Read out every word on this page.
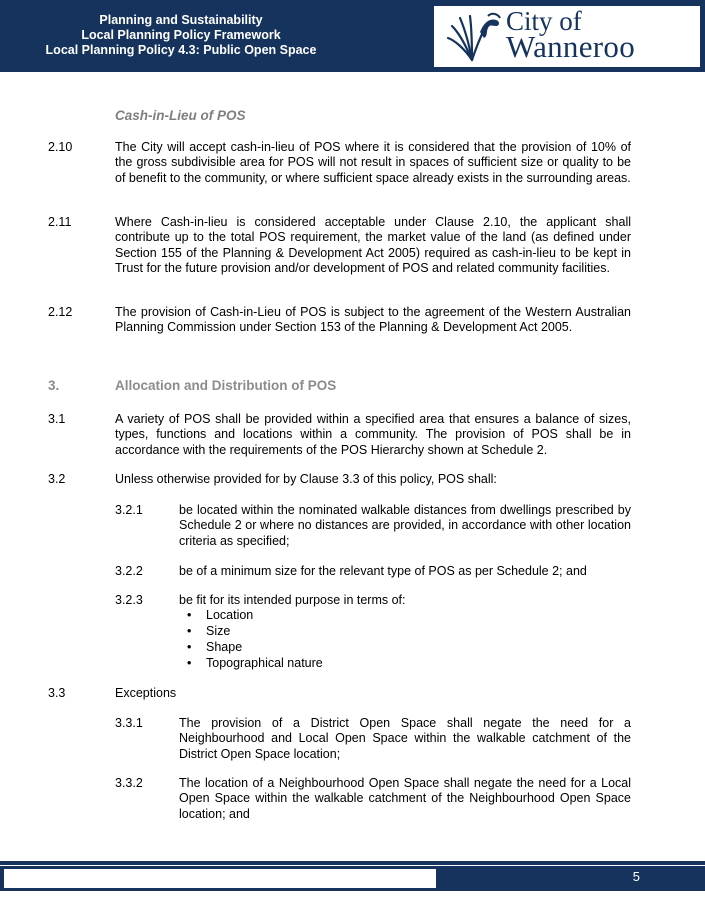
Planning and Sustainability
Local Planning Policy Framework
Local Planning Policy 4.3: Public Open Space
City of
Wanneroo
Cash-in-Lieu of POS
2.10	The City will accept cash-in-lieu of POS where it is considered that the provision of 10% of the gross subdivisible area for POS will not result in spaces of sufficient size or quality to be of benefit to the community, or where sufficient space already exists in the surrounding areas.
2.11	Where Cash-in-lieu is considered acceptable under Clause 2.10, the applicant shall contribute up to the total POS requirement, the market value of the land (as defined under Section 155 of the Planning & Development Act 2005) required as cash-in-lieu to be kept in Trust for the future provision and/or development of POS and related community facilities.
2.12	The provision of Cash-in-Lieu of POS is subject to the agreement of the Western Australian Planning Commission under Section 153 of the Planning & Development Act 2005.
3.	Allocation and Distribution of POS
3.1	A variety of POS shall be provided within a specified area that ensures a balance of sizes, types, functions and locations within a community. The provision of POS shall be in accordance with the requirements of the POS Hierarchy shown at Schedule 2.
3.2	Unless otherwise provided for by Clause 3.3 of this policy, POS shall:
3.2.1	be located within the nominated walkable distances from dwellings prescribed by Schedule 2 or where no distances are provided, in accordance with other location criteria as specified;
3.2.2	be of a minimum size for the relevant type of POS as per Schedule 2; and
3.2.3	be fit for its intended purpose in terms of:
• Location
• Size
• Shape
• Topographical nature
3.3	Exceptions
3.3.1	The provision of a District Open Space shall negate the need for a Neighbourhood and Local Open Space within the walkable catchment of the District Open Space location;
3.3.2	The location of a Neighbourhood Open Space shall negate the need for a Local Open Space within the walkable catchment of the Neighbourhood Open Space location; and
5
